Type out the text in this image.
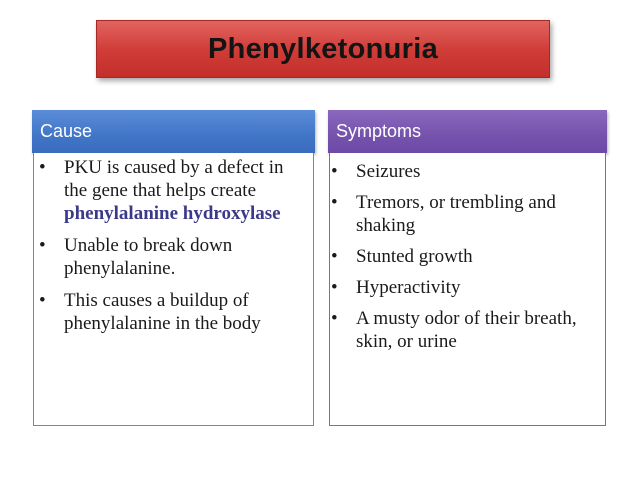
Phenylketonuria
Cause
• PKU is caused by a defect in the gene that helps create phenylalanine hydroxylase
• Unable to break down phenylalanine.
• This causes a buildup of phenylalanine in the body
Symptoms
• Seizures
• Tremors, or trembling and shaking
• Stunted growth
• Hyperactivity
• A musty odor of their breath, skin, or urine
